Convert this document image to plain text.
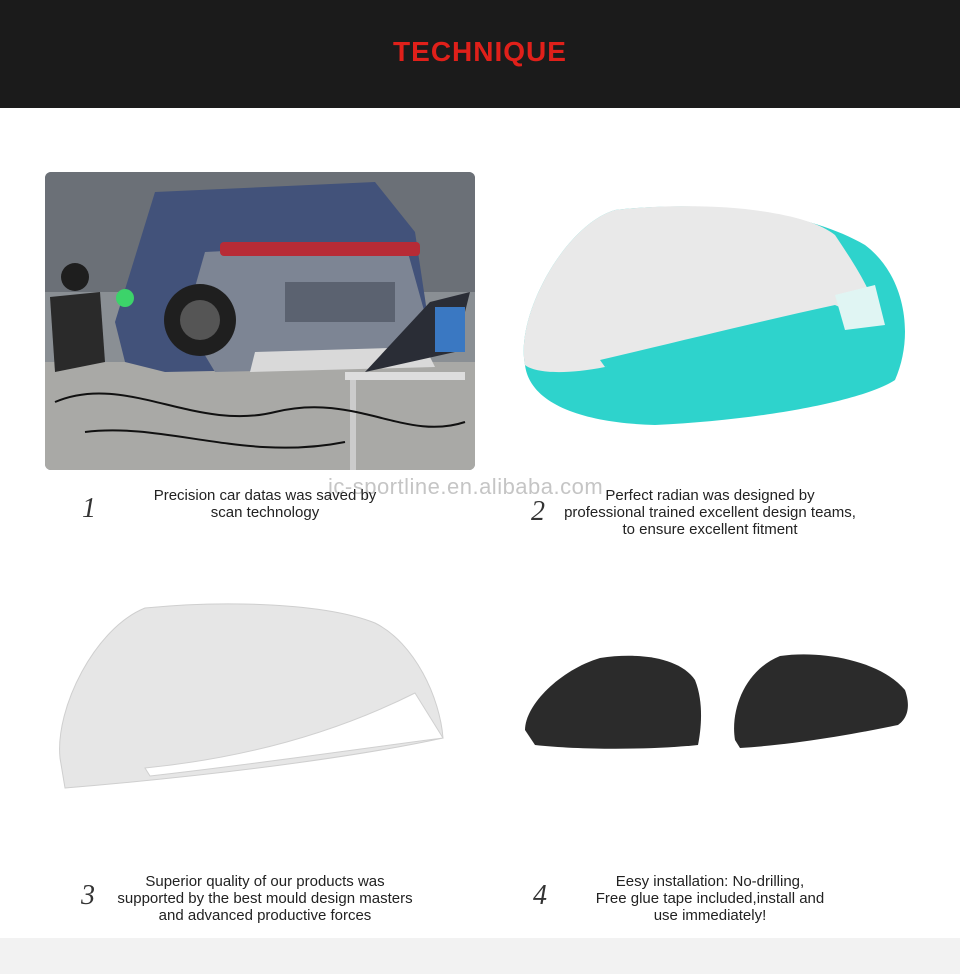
TECHNIQUE
jc-sportline.en.alibaba.com
1	Precision car datas was saved by
scan technology	2
Perfect radian was designed by
professional trained excellent design teams,
to ensure excellent fitment
3	Superior quality of our products was
supported by the best mould design masters
and advanced productive forces
4	Eesy installation: No-drilling,
Free glue tape included,install and
use immediately!
